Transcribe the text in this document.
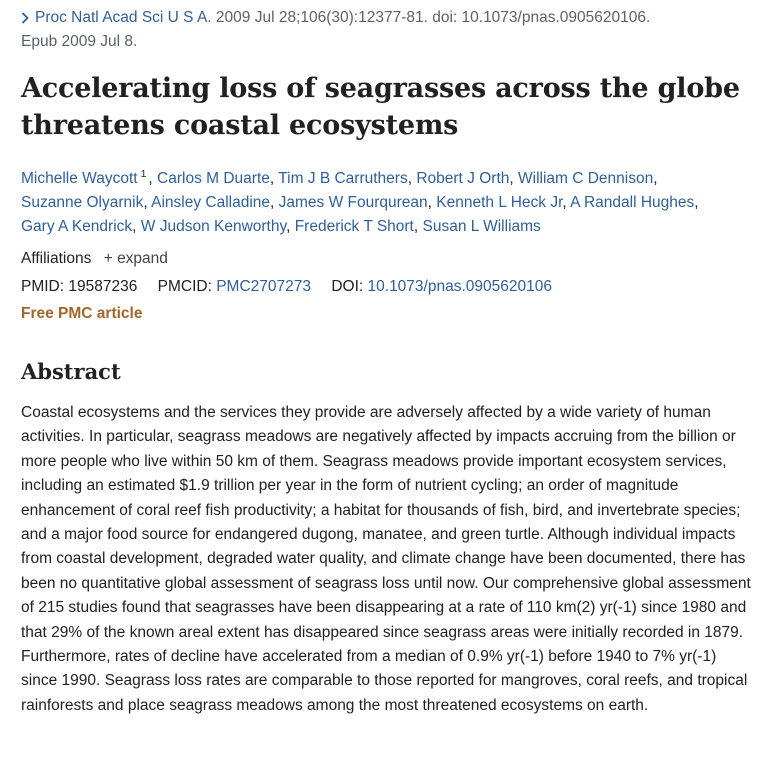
Proc Natl Acad Sci U S A. 2009 Jul 28;106(30):12377-81. doi: 10.1073/pnas.0905620106.
Epub 2009 Jul 8.
Accelerating loss of seagrasses across the globe threatens coastal ecosystems
Michelle Waycott $^1$ , Carlos M Duarte, Tim J B Carruthers, Robert J Orth, William C Dennison,
Suzanne Olyarnik, Ainsley Calladine, James W Fourqurean, Kenneth L Heck Jr, A Randall Hughes,
Gary A Kendrick, W Judson Kenworthy, Frederick T Short, Susan L Williams
Affiliations + expand
PMID: 19587236 PMCID: PMC2707273 DOI: 10.1073/pnas.0905620106
Free PMC article
Abstract

Coastal ecosystems and the services they provide are adversely affected by a wide variety of human activities. In particular, seagrass meadows are negatively affected by impacts accruing from the billion or more people who live within 50 km of them. Seagrass meadows provide important ecosystem services, including an estimated $1.9 trillion per year in the form of nutrient cycling; an order of magnitude enhancement of coral reef fish productivity; a habitat for thousands of fish, bird, and invertebrate species; and a major food source for endangered dugong, manatee, and green turtle. Although individual impacts from coastal development, degraded water quality, and climate change have been documented, there has been no quantitative global assessment of seagrass loss until now. Our comprehensive global assessment of 215 studies found that seagrasses have been disappearing at a rate of 110 km(2) yr(-1) since 1980 and that 29% of the known areal extent has disappeared since seagrass areas were initially recorded in 1879. Furthermore, rates of decline have accelerated from a median of 0.9% yr(-1) before 1940 to 7% yr(-1) since 1990. Seagrass loss rates are comparable to those reported for mangroves, coral reefs, and tropical rainforests and place seagrass meadows among the most threatened ecosystems on earth.
